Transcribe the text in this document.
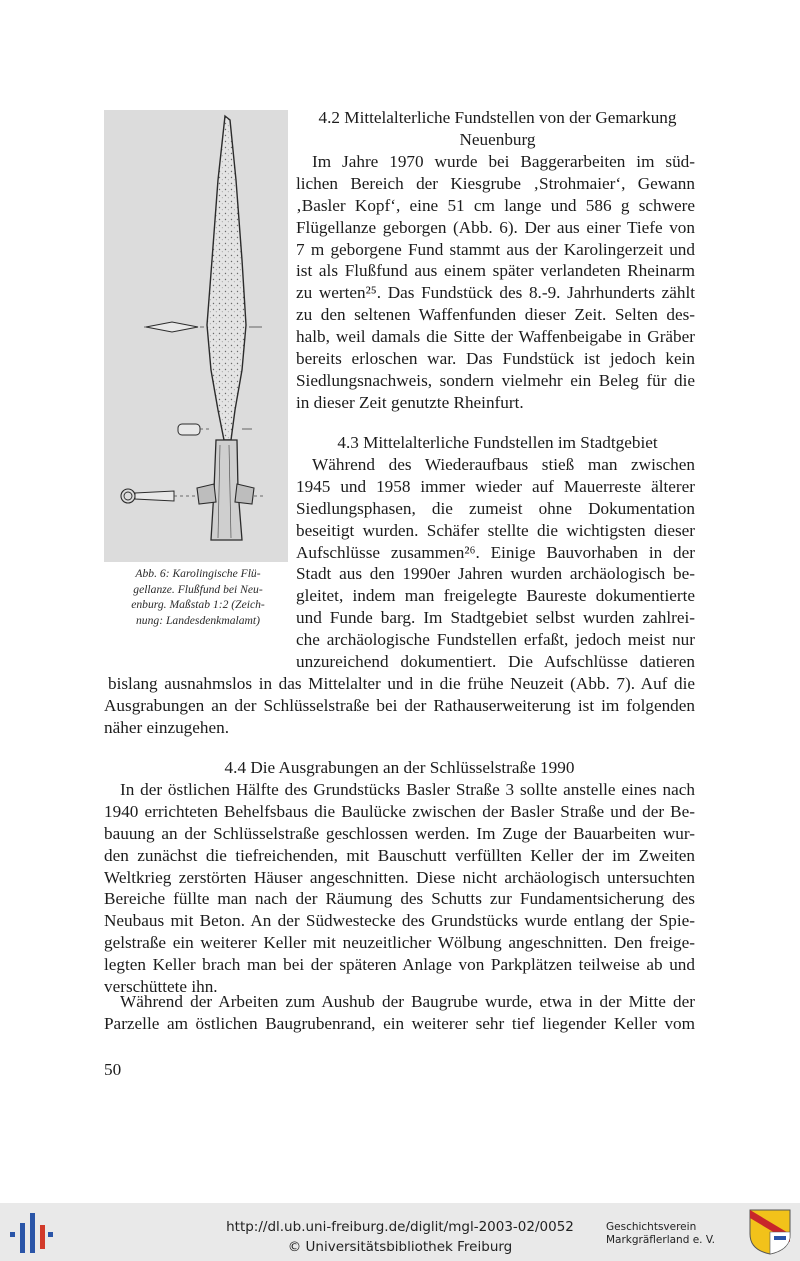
Abb. 6: Karolingische Flü-
gellanze. Flußfund bei Neu-
enburg. Maßstab 1:2 (Zeich-
nung: Landesdenkmalamt)
4.2 Mittelalterliche Fundstellen von der Gemarkung
Neuenburg
Im Jahre 1970 wurde bei Baggerarbeiten im süd-
lichen Bereich der Kiesgrube ‚Strohmaier‘, Gewann
‚Basler Kopf‘, eine 51 cm lange und 586 g schwere
Flügellanze geborgen (Abb. 6). Der aus einer Tiefe von
7 m geborgene Fund stammt aus der Karolingerzeit und
ist als Flußfund aus einem später verlandeten Rheinarm
zu werten²⁵. Das Fundstück des 8.-9. Jahrhunderts zählt
zu den seltenen Waffenfunden dieser Zeit. Selten des-
halb, weil damals die Sitte der Waffenbeigabe in Gräber
bereits erloschen war. Das Fundstück ist jedoch kein
Siedlungsnachweis, sondern vielmehr ein Beleg für die
in dieser Zeit genutzte Rheinfurt.
4.3 Mittelalterliche Fundstellen im Stadtgebiet
Während des Wiederaufbaus stieß man zwischen
1945 und 1958 immer wieder auf Mauerreste älterer
Siedlungsphasen, die zumeist ohne Dokumentation
beseitigt wurden. Schäfer stellte die wichtigsten dieser
Aufschlüsse zusammen²⁶. Einige Bauvorhaben in der
Stadt aus den 1990er Jahren wurden archäologisch be-
gleitet, indem man freigelegte Baureste dokumentierte
und Funde barg. Im Stadtgebiet selbst wurden zahlrei-
che archäologische Fundstellen erfaßt, jedoch meist nur
unzureichend dokumentiert. Die Aufschlüsse datieren
bislang ausnahmslos in das Mittelalter und in die frühe Neuzeit (Abb. 7). Auf die
Ausgrabungen an der Schlüsselstraße bei der Rathauserweiterung ist im folgenden
näher einzugehen.
4.4 Die Ausgrabungen an der Schlüsselstraße 1990
In der östlichen Hälfte des Grundstücks Basler Straße 3 sollte anstelle eines nach
1940 errichteten Behelfsbaus die Baulücke zwischen der Basler Straße und der Be-
bauung an der Schlüsselstraße geschlossen werden. Im Zuge der Bauarbeiten wur-
den zunächst die tiefreichenden, mit Bauschutt verfüllten Keller der im Zweiten
Weltkrieg zerstörten Häuser angeschnitten. Diese nicht archäologisch untersuchten
Bereiche füllte man nach der Räumung des Schutts zur Fundamentsicherung des
Neubaus mit Beton. An der Südwestecke des Grundstücks wurde entlang der Spie-
gelstraße ein weiterer Keller mit neuzeitlicher Wölbung angeschnitten. Den freige-
legten Keller brach man bei der späteren Anlage von Parkplätzen teilweise ab und
verschüttete ihn.
Während der Arbeiten zum Aushub der Baugrube wurde, etwa in der Mitte der
Parzelle am östlichen Baugrubenrand, ein weiterer sehr tief liegender Keller vom
50
http://dl.ub.uni-freiburg.de/diglit/mgl-2003-02/0052
© Universitätsbibliothek Freiburg
Geschichtsverein
Markgräflerland e. V.
